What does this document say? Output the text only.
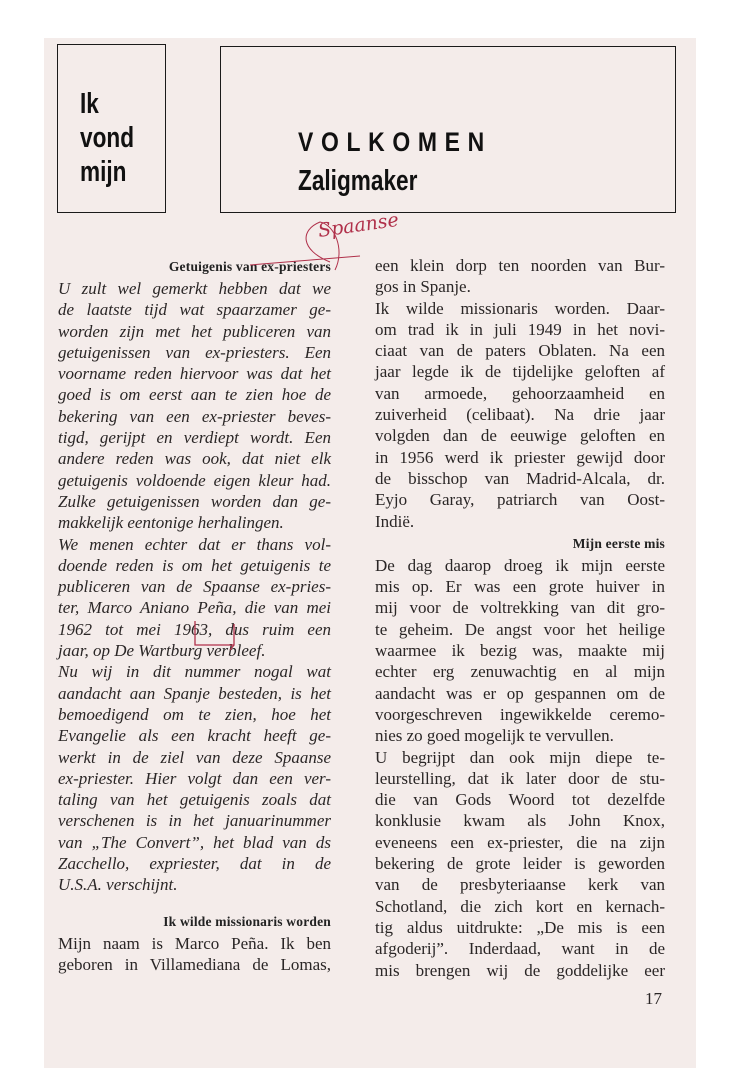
Ik
vond
mijn
VOLKOMEN
Zaligmaker
Getuigenis van ex-priesters
U zult wel gemerkt hebben dat we
de laatste tijd wat spaarzamer ge-
worden zijn met het publiceren van
getuigenissen van ex-priesters. Een
voorname reden hiervoor was dat het
goed is om eerst aan te zien hoe de
bekering van een ex-priester beves-
tigd, gerijpt en verdiept wordt. Een
andere reden was ook, dat niet elk
getuigenis voldoende eigen kleur had.
Zulke getuigenissen worden dan ge-
makkelijk eentonige herhalingen.
We menen echter dat er thans vol-
doende reden is om het getuigenis te
publiceren van de Spaanse ex-pries-
ter, Marco Aniano Peña, die van mei
1962 tot mei 1963, dus ruim een
jaar, op De Wartburg verbleef.
Nu wij in dit nummer nogal wat
aandacht aan Spanje besteden, is het
bemoedigend om te zien, hoe het
Evangelie als een kracht heeft ge-
werkt in de ziel van deze Spaanse
ex-priester. Hier volgt dan een ver-
taling van het getuigenis zoals dat
verschenen is in het januarinummer
van „The Convert”, het blad van ds
Zacchello, expriester, dat in de
U.S.A. verschijnt.
Ik wilde missionaris worden
Mijn naam is Marco Peña. Ik ben
geboren in Villamediana de Lomas,
een klein dorp ten noorden van Bur-
gos in Spanje.
Ik wilde missionaris worden. Daar-
om trad ik in juli 1949 in het novi-
ciaat van de paters Oblaten. Na een
jaar legde ik de tijdelijke geloften af
van armoede, gehoorzaamheid en
zuiverheid (celibaat). Na drie jaar
volgden dan de eeuwige geloften en
in 1956 werd ik priester gewijd door
de bisschop van Madrid-Alcala, dr.
Eyjo Garay, patriarch van Oost-
Indië.
Mijn eerste mis
De dag daarop droeg ik mijn eerste
mis op. Er was een grote huiver in
mij voor de voltrekking van dit gro-
te geheim. De angst voor het heilige
waarmee ik bezig was, maakte mij
echter erg zenuwachtig en al mijn
aandacht was er op gespannen om de
voorgeschreven ingewikkelde ceremo-
nies zo goed mogelijk te vervullen.
U begrijpt dan ook mijn diepe te-
leurstelling, dat ik later door de stu-
die van Gods Woord tot dezelfde
konklusie kwam als John Knox,
eveneens een ex-priester, die na zijn
bekering de grote leider is geworden
van de presbyteriaanse kerk van
Schotland, die zich kort en kernach-
tig aldus uitdrukte: „De mis is een
afgoderij”. Inderdaad, want in de
mis brengen wij de goddelijke eer
17
Spaanse
